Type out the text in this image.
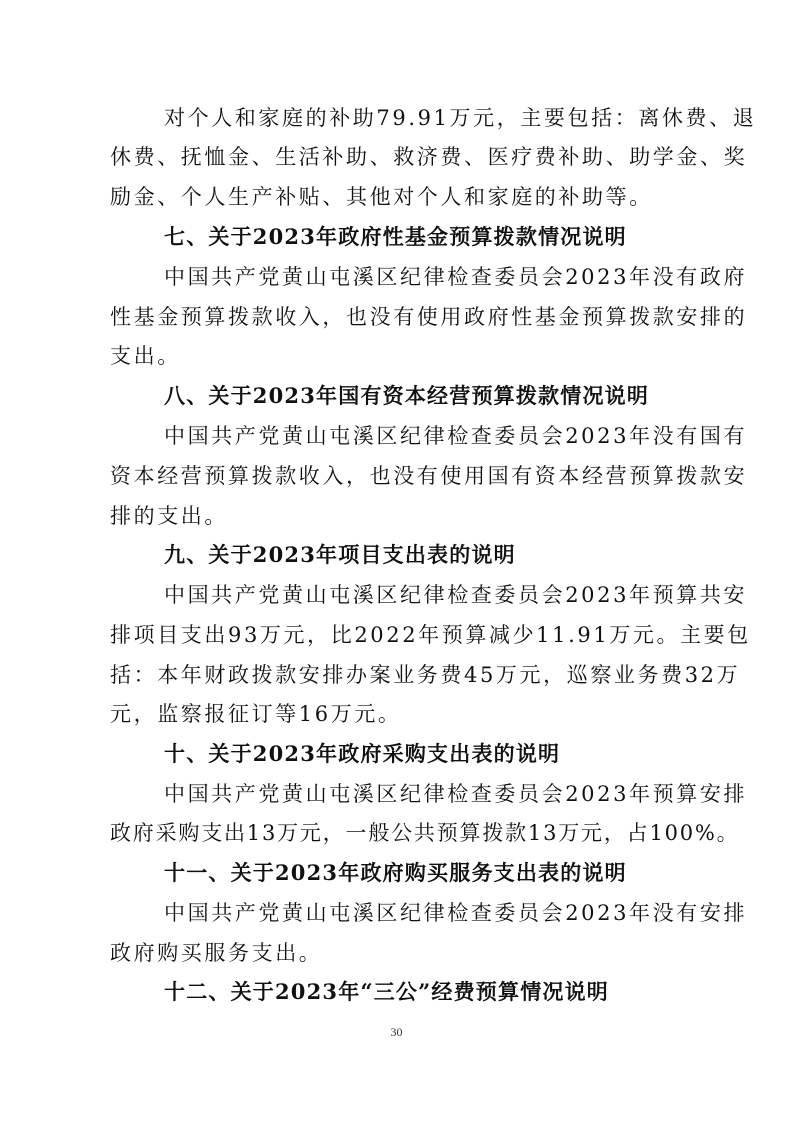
对个人和家庭的补助79.91万元，主要包括：离休费、退
休费、抚恤金、生活补助、救济费、医疗费补助、助学金、奖
励金、个人生产补贴、其他对个人和家庭的补助等。
七、关于2023年政府性基金预算拨款情况说明
中国共产党黄山屯溪区纪律检查委员会2023年没有政府
性基金预算拨款收入，也没有使用政府性基金预算拨款安排的
支出。
八、关于2023年国有资本经营预算拨款情况说明
中国共产党黄山屯溪区纪律检查委员会2023年没有国有
资本经营预算拨款收入，也没有使用国有资本经营预算拨款安
排的支出。
九、关于2023年项目支出表的说明
中国共产党黄山屯溪区纪律检查委员会2023年预算共安
排项目支出93万元，比2022年预算减少11.91万元。主要包
括：本年财政拨款安排办案业务费45万元，巡察业务费32万
元，监察报征订等16万元。
十、关于2023年政府采购支出表的说明
中国共产党黄山屯溪区纪律检查委员会2023年预算安排
政府采购支出13万元，一般公共预算拨款13万元，占100%。
十一、关于2023年政府购买服务支出表的说明
中国共产党黄山屯溪区纪律检查委员会2023年没有安排
政府购买服务支出。
十二、关于2023年“三公”经费预算情况说明
30
